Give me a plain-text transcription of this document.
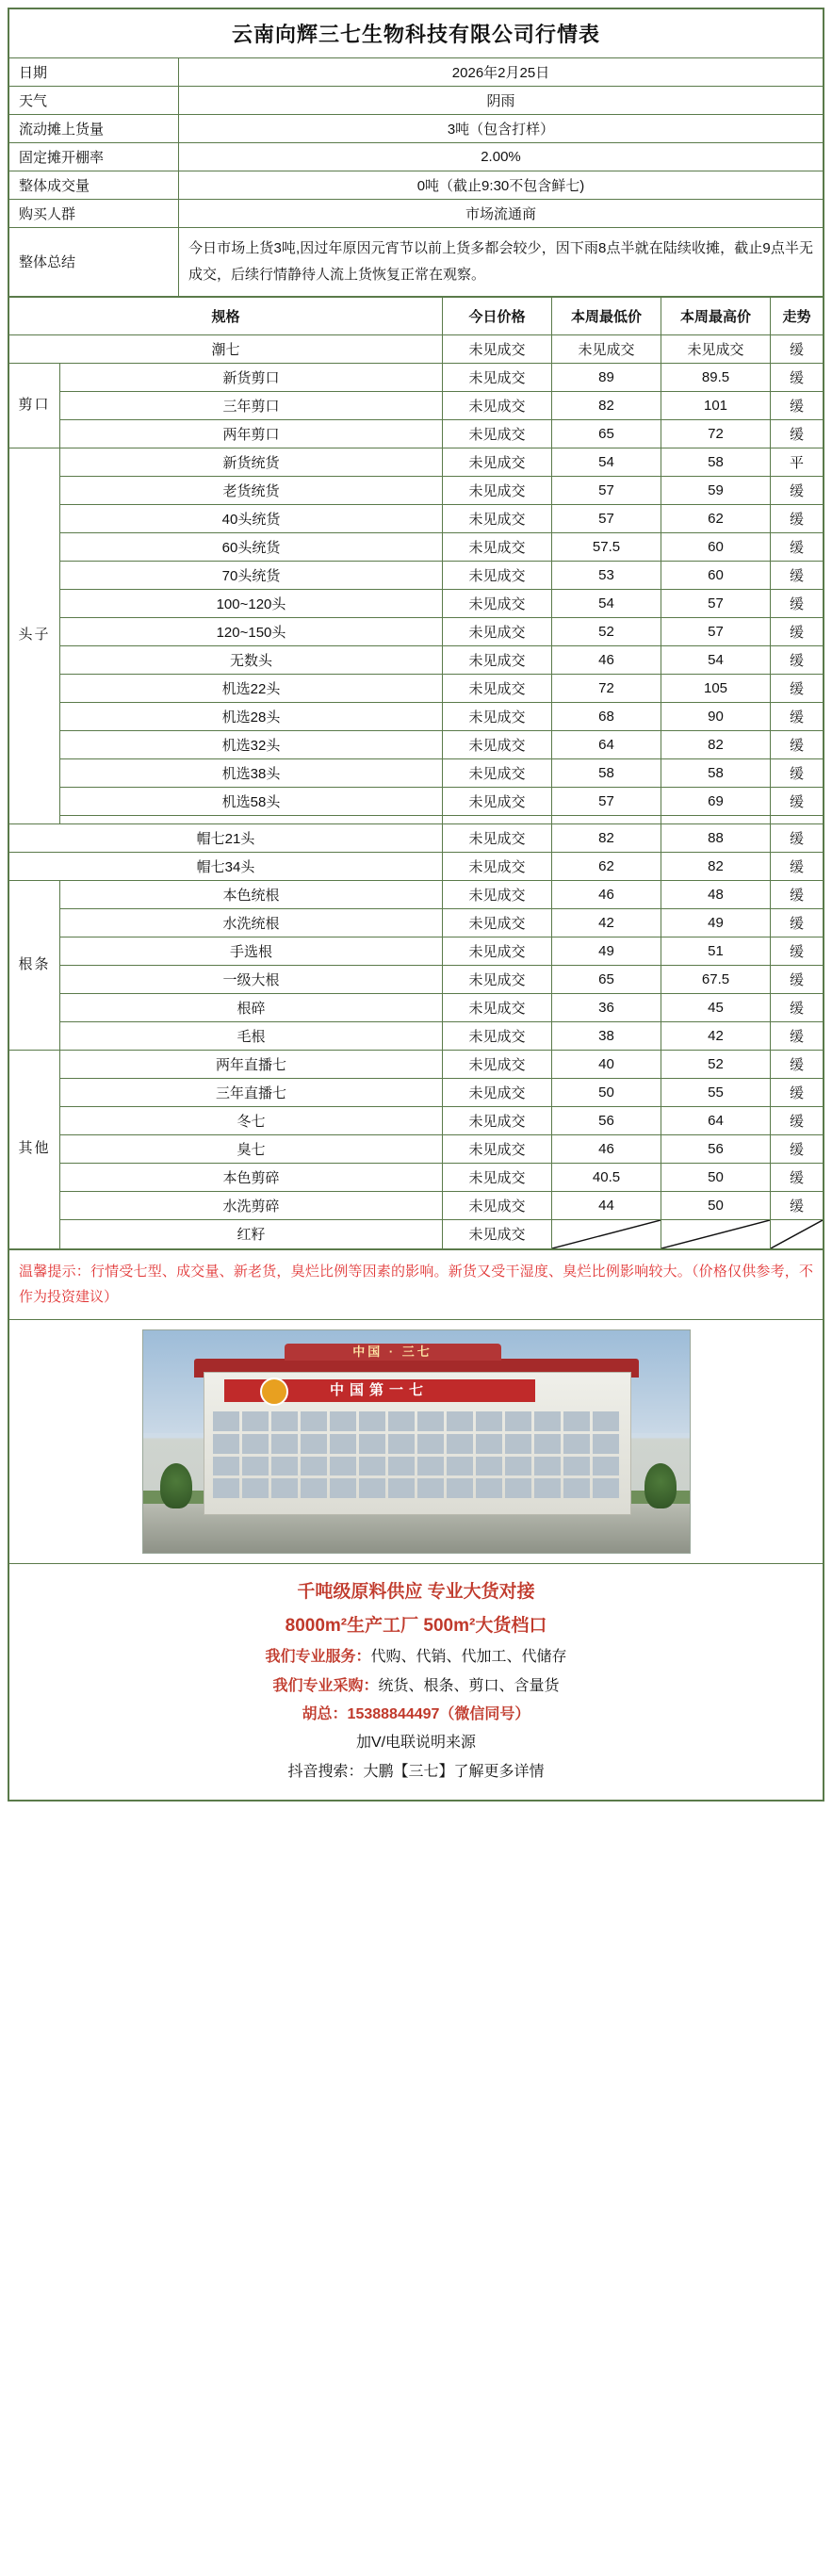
云南向辉三七生物科技有限公司行情表	
日期	2026年2月25日
天气	阴雨
流动摊上货量	3吨（包含打样）
固定摊开棚率	2.00%
整体成交量	0吨（截止9:30不包含鲜七)
购买人群	市场流通商
整体总结	今日市场上货3吨,因过年原因元宵节以前上货多都会较少，因下雨8点半就在陆续收摊，截止9点半无成交，后续行情静待人流上货恢复正常在观察。
规格		今日价格	本周最低价	本周最高价	走势
潮七		未见成交	未见成交	未见成交	缓
剪口	新货剪口	未见成交	89	89.5	缓
	三年剪口	未见成交	82	101	缓
	两年剪口	未见成交	65	72	缓
头子	新货统货	未见成交	54	58	平
	老货统货	未见成交	57	59	缓
	40头统货	未见成交	57	62	缓
	60头统货	未见成交	57.5	60	缓
	70头统货	未见成交	53	60	缓
	100~120头	未见成交	54	57	缓
	120~150头	未见成交	52	57	缓
	无数头	未见成交	46	54	缓
	机选22头	未见成交	72	105	缓
	机选28头	未见成交	68	90	缓
	机选32头	未见成交	64	82	缓
	机选38头	未见成交	58	58	缓
	机选58头	未见成交	57	69	缓

帽七21头		未见成交	82	88	缓
帽七34头		未见成交	62	82	缓
根条	本色统根	未见成交	46	48	缓
	水洗统根	未见成交	42	49	缓
	手选根	未见成交	49	51	缓
	一级大根	未见成交	65	67.5	缓
	根碎	未见成交	36	45	缓
	毛根	未见成交	38	42	缓
其他	两年直播七	未见成交	40	52	缓
	三年直播七	未见成交	50	55	缓
	冬七	未见成交	56	64	缓
	臭七	未见成交	46	56	缓
	本色剪碎	未见成交	40.5	50	缓
	水洗剪碎	未见成交	44	50	缓
	红籽	未见成交	

温馨提示：行情受七型、成交量、新老货，臭烂比例等因素的影响。新货又受干湿度、臭烂比例影响较大。（价格仅供参考，不作为投资建议）

中国 · 三七
中国第一七

千吨级原料供应 专业大货对接
8000m²生产工厂 500m²大货档口
我们专业服务：代购、代销、代加工、代储存
我们专业采购：统货、根条、剪口、含量货
胡总：15388844497（微信同号）
加V/电联说明来源
抖音搜索：大鹏【三七】了解更多详情
